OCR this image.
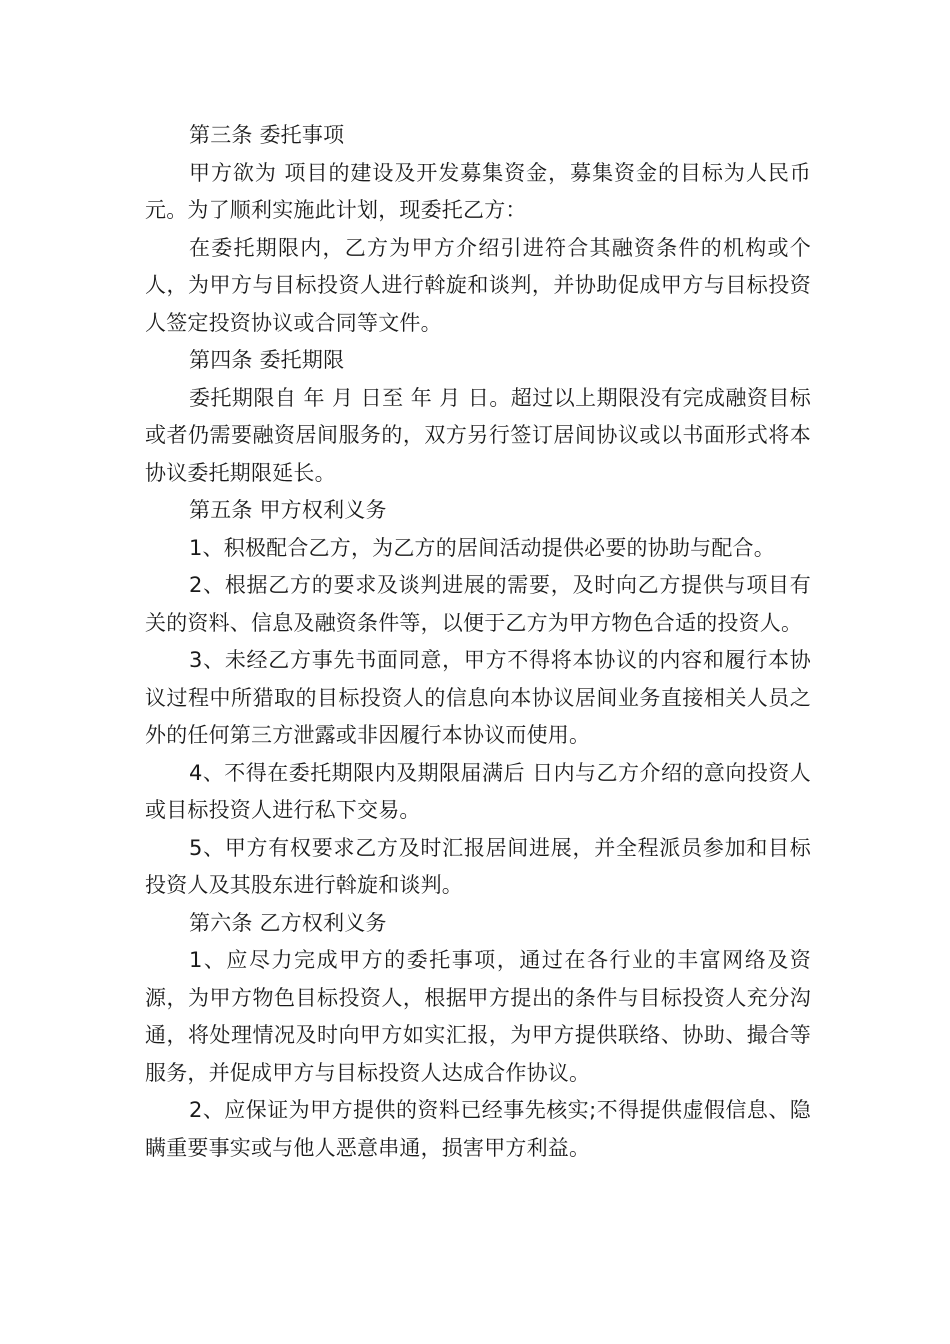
第三条 委托事项

甲方欲为 项目的建设及开发募集资金，募集资金的目标为人民币 元。为了顺利实施此计划，现委托乙方：

在委托期限内，乙方为甲方介绍引进符合其融资条件的机构或个人，为甲方与目标投资人进行斡旋和谈判，并协助促成甲方与目标投资人签定投资协议或合同等文件。

第四条 委托期限

委托期限自 年 月 日至 年 月 日。超过以上期限没有完成融资目标或者仍需要融资居间服务的，双方另行签订居间协议或以书面形式将本协议委托期限延长。

第五条 甲方权利义务

1、积极配合乙方，为乙方的居间活动提供必要的协助与配合。

2、根据乙方的要求及谈判进展的需要，及时向乙方提供与项目有关的资料、信息及融资条件等，以便于乙方为甲方物色合适的投资人。

3、未经乙方事先书面同意，甲方不得将本协议的内容和履行本协议过程中所猎取的目标投资人的信息向本协议居间业务直接相关人员之外的任何第三方泄露或非因履行本协议而使用。

4、不得在委托期限内及期限届满后 日内与乙方介绍的意向投资人或目标投资人进行私下交易。

5、甲方有权要求乙方及时汇报居间进展，并全程派员参加和目标投资人及其股东进行斡旋和谈判。

第六条 乙方权利义务

1、应尽力完成甲方的委托事项，通过在各行业的丰富网络及资源，为甲方物色目标投资人，根据甲方提出的条件与目标投资人充分沟通，将处理情况及时向甲方如实汇报，为甲方提供联络、协助、撮合等服务，并促成甲方与目标投资人达成合作协议。

2、应保证为甲方提供的资料已经事先核实;不得提供虚假信息、隐瞒重要事实或与他人恶意串通，损害甲方利益。
